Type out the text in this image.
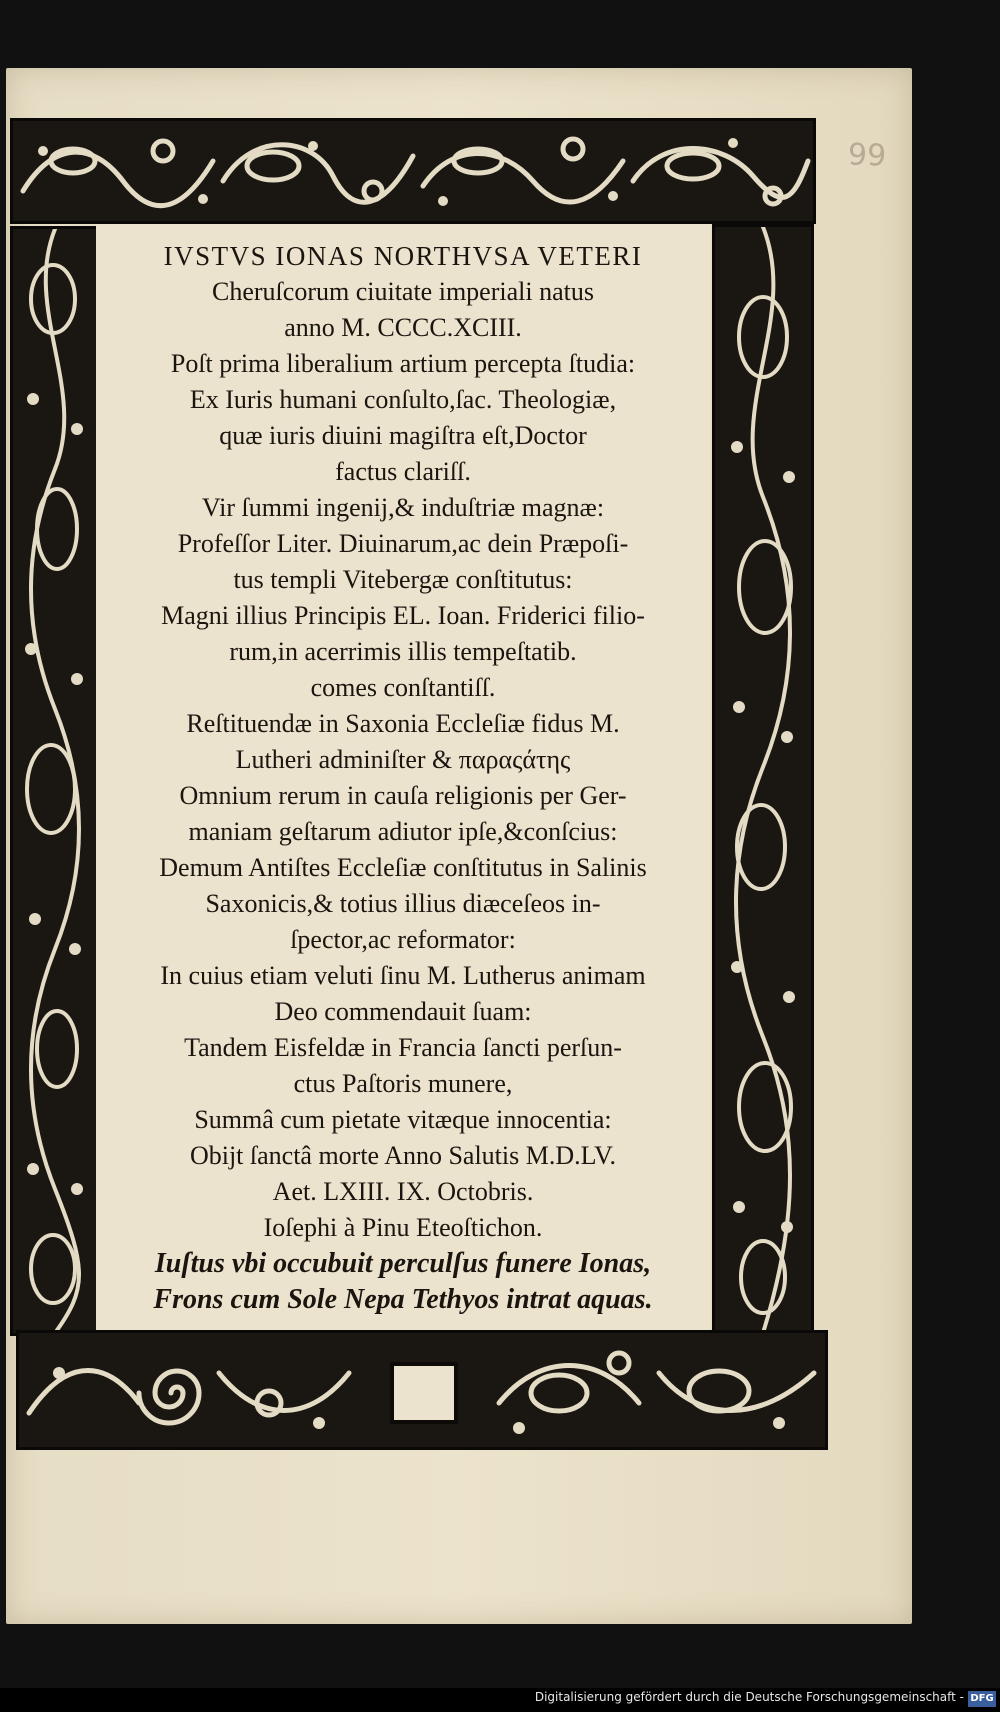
99
IVSTVS IONAS NORTHVSA VETERI
Cheruſcorum ciuitate imperiali natus
anno M. CCCC.XCIII.
Poſt prima liberalium artium percepta ſtudia:
Ex Iuris humani conſulto,ſac. Theologiæ,
quæ iuris diuini magiſtra eſt,Doctor
factus clariſſ.
Vir ſummi ingenij,& induſtriæ magnæ:
Profeſſor Liter. Diuinarum,ac dein Præpoſi-
tus templi Vitebergæ conſtitutus:
Magni illius Principis EL. Ioan. Friderici filio-
rum,in acerrimis illis tempeſtatib.
comes conſtantiſſ.
Reſtituendæ in Saxonia Eccleſiæ fidus M.
Lutheri adminiſter & παραςάτης
Omnium rerum in cauſa religionis per Ger-
maniam geſtarum adiutor ipſe,&conſcius:
Demum Antiſtes Eccleſiæ conſtitutus in Salinis
Saxonicis,& totius illius diæceſeos in-
ſpector,ac reformator:
In cuius etiam veluti ſinu M. Lutherus animam
Deo commendauit ſuam:
Tandem Eisfeldæ in Francia ſancti perſun-
ctus Paſtoris munere,
Summâ cum pietate vitæque innocentia:
Obijt ſanctâ morte Anno Salutis M.D.LV.
Aet. LXIII. IX. Octobris.
Ioſephi à Pinu Eteoſtichon.
Iuſtus vbi occubuit perculſus funere Ionas,
Frons cum Sole Nepa Tethyos intrat aquas.
Digitalisierung gefördert durch die Deutsche Forschungsgemeinschaft - DFG
